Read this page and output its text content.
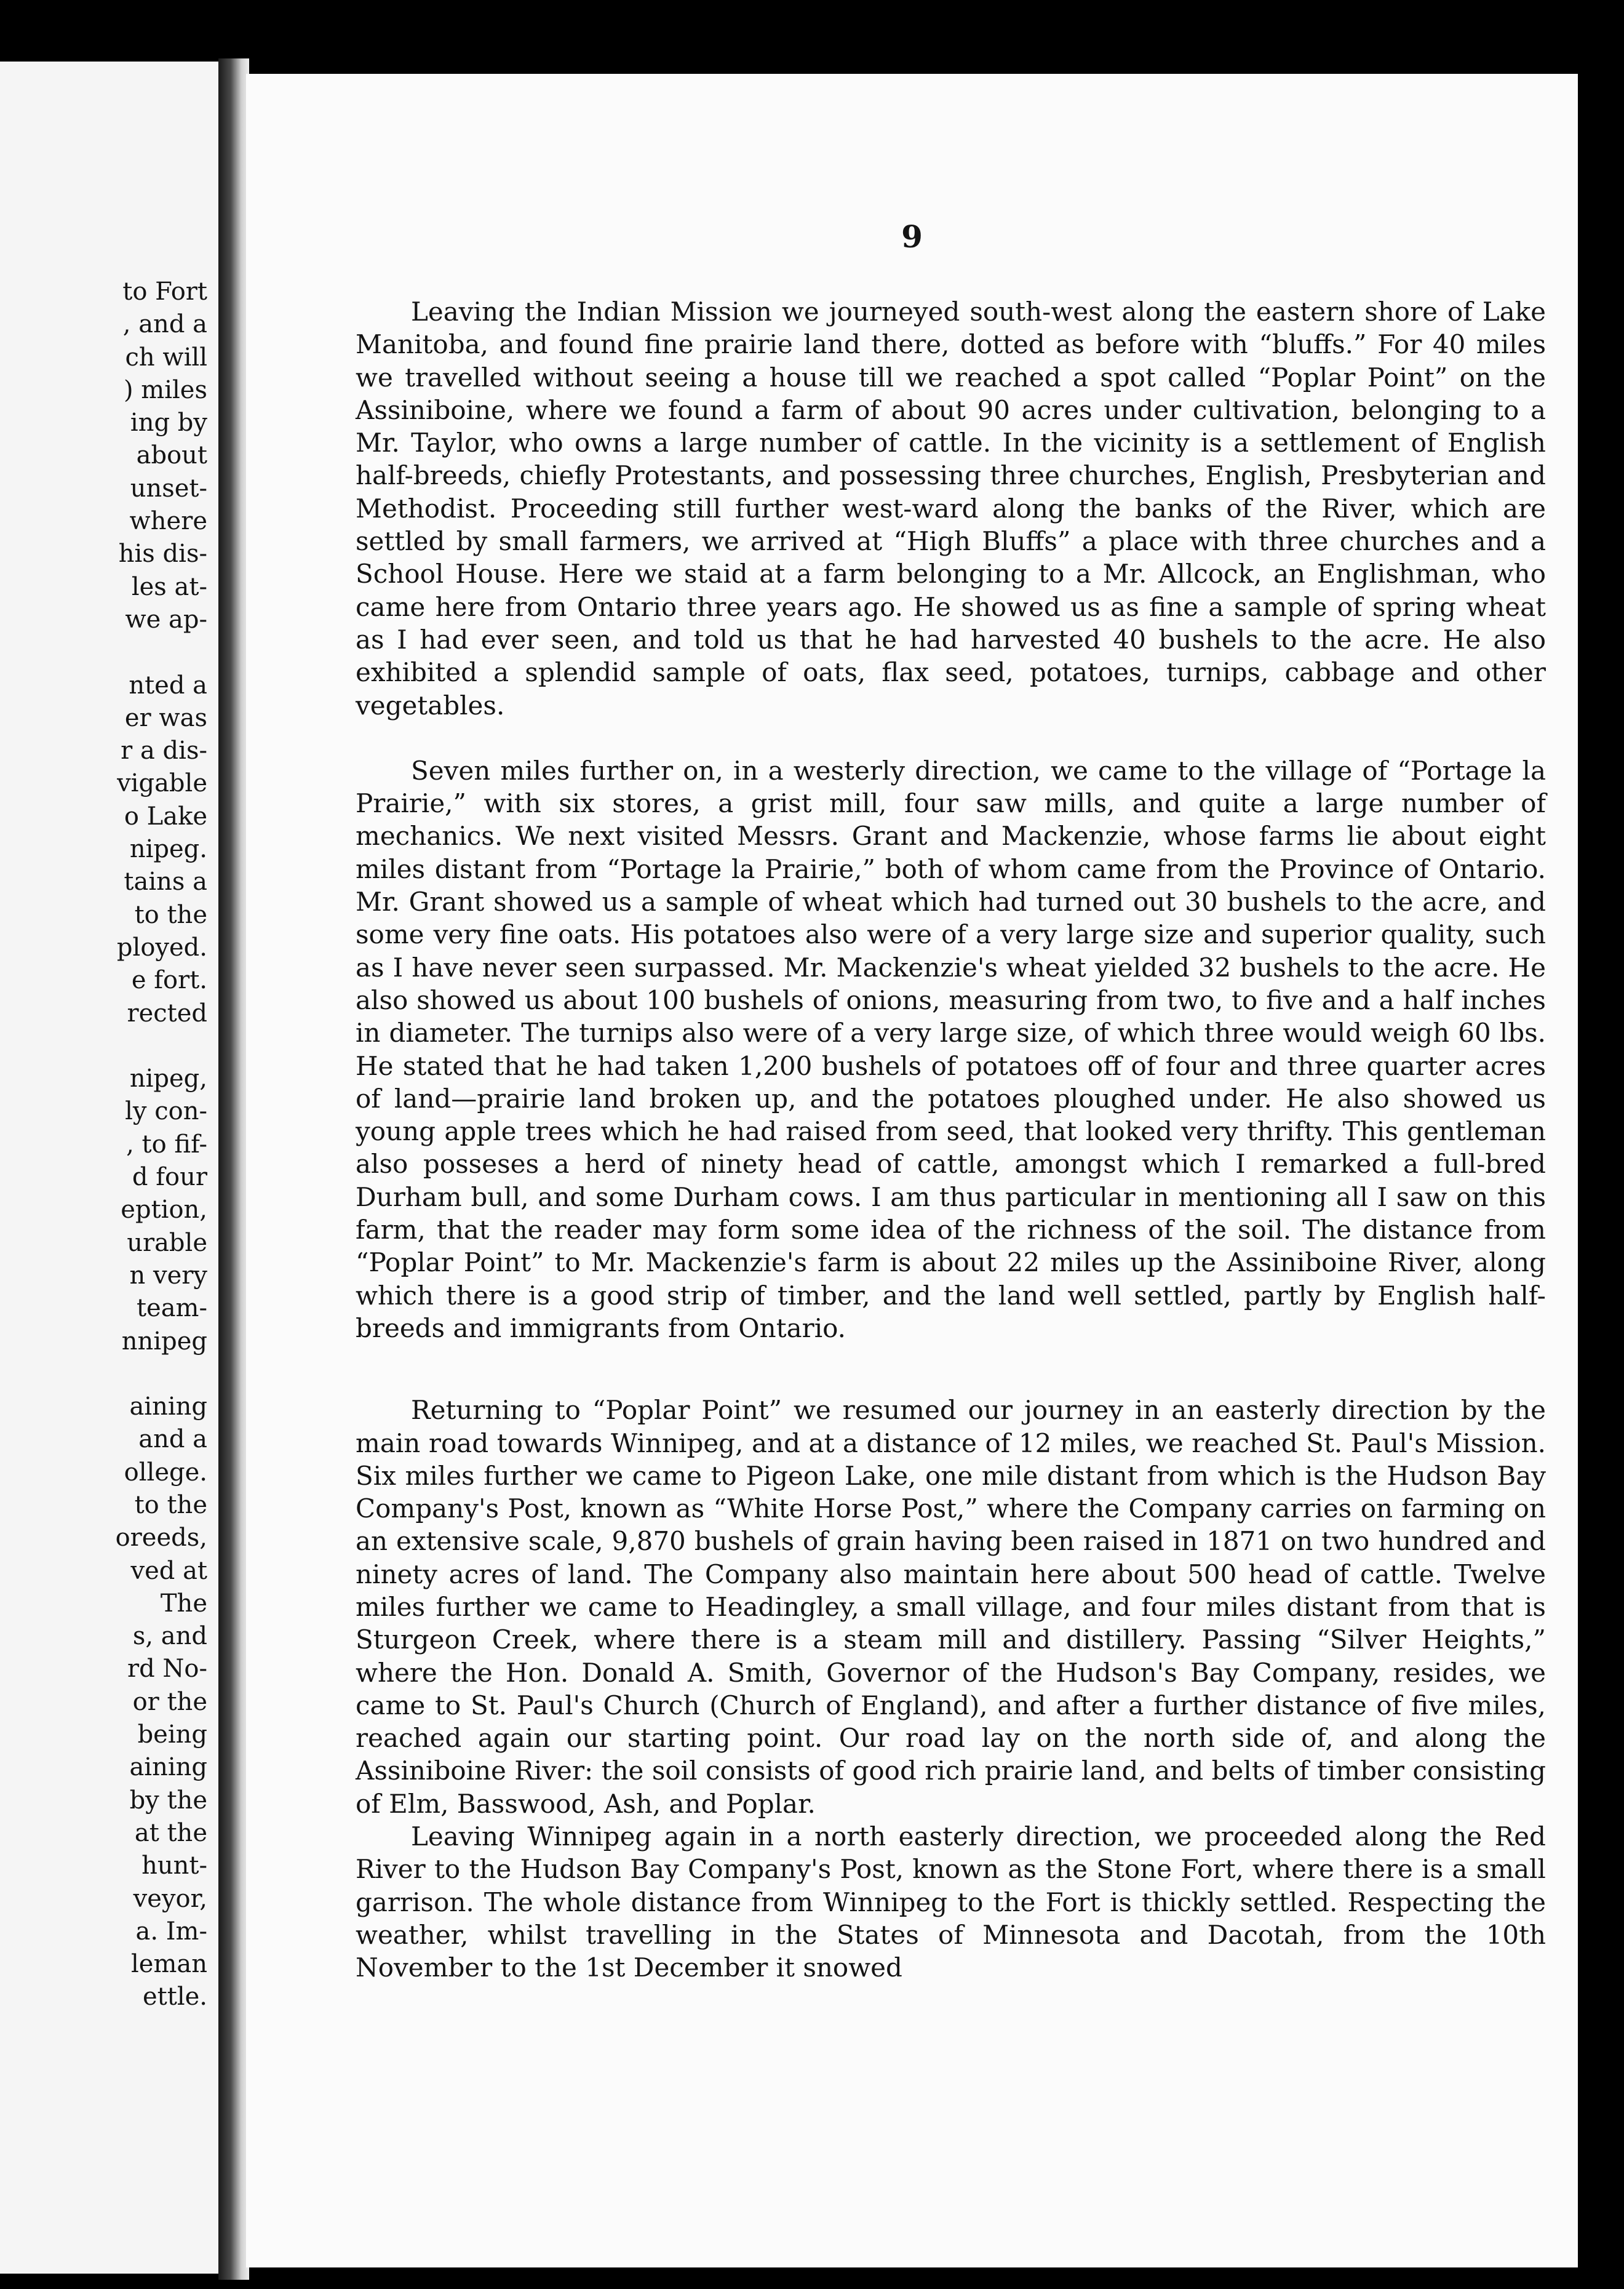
to Fort
, and a
ch will
) miles
ing by
about
unset-
where
his dis-
les at-
we ap-
nted a
er was
r a dis-
vigable
o Lake
nipeg.
tains a
to the
ployed.
e fort.
rected
nipeg,
ly con-
, to fif-
d four
eption,
urable
n very
team-
nnipeg
aining
and a
ollege.
to the
oreeds,
ved at
The
s, and
rd No-
or the
being
aining
by the
at the
hunt-
veyor,
a. Im-
leman
ettle.
9

Leaving the Indian Mission we journeyed south-west along the eastern shore of Lake Manitoba, and found fine prairie land there, dotted as before with “bluffs.” For 40 miles we travelled without seeing a house till we reached a spot called “Poplar Point” on the Assiniboine, where we found a farm of about 90 acres under cultivation, belonging to a Mr. Taylor, who owns a large number of cattle. In the vicinity is a settlement of English half-breeds, chiefly Protestants, and possessing three churches, English, Presbyterian and Methodist. Proceeding still further west-ward along the banks of the River, which are settled by small farmers, we arrived at “High Bluffs” a place with three churches and a School House. Here we staid at a farm belonging to a Mr. Allcock, an Englishman, who came here from Ontario three years ago. He showed us as fine a sample of spring wheat as I had ever seen, and told us that he had harvested 40 bushels to the acre. He also exhibited a splendid sample of oats, flax seed, potatoes, turnips, cabbage and other vegetables.

Seven miles further on, in a westerly direction, we came to the village of “Portage la Prairie,” with six stores, a grist mill, four saw mills, and quite a large number of mechanics. We next visited Messrs. Grant and Mackenzie, whose farms lie about eight miles distant from “Portage la Prairie,” both of whom came from the Province of Ontario. Mr. Grant showed us a sample of wheat which had turned out 30 bushels to the acre, and some very fine oats. His potatoes also were of a very large size and superior quality, such as I have never seen surpassed. Mr. Mackenzie's wheat yielded 32 bushels to the acre. He also showed us about 100 bushels of onions, measuring from two, to five and a half inches in diameter. The turnips also were of a very large size, of which three would weigh 60 lbs. He stated that he had taken 1,200 bushels of potatoes off of four and three quarter acres of land—prairie land broken up, and the potatoes ploughed under. He also showed us young apple trees which he had raised from seed, that looked very thrifty. This gentleman also posseses a herd of ninety head of cattle, amongst which I remarked a full-bred Durham bull, and some Durham cows. I am thus particular in mentioning all I saw on this farm, that the reader may form some idea of the richness of the soil. The distance from “Poplar Point” to Mr. Mackenzie's farm is about 22 miles up the Assiniboine River, along which there is a good strip of timber, and the land well settled, partly by English half-breeds and immigrants from Ontario.

Returning to “Poplar Point” we resumed our journey in an easterly direction by the main road towards Winnipeg, and at a distance of 12 miles, we reached St. Paul's Mission. Six miles further we came to Pigeon Lake, one mile distant from which is the Hudson Bay Company's Post, known as “White Horse Post,” where the Company carries on farming on an extensive scale, 9,870 bushels of grain having been raised in 1871 on two hundred and ninety acres of land. The Company also maintain here about 500 head of cattle. Twelve miles further we came to Headingley, a small village, and four miles distant from that is Sturgeon Creek, where there is a steam mill and distillery. Passing “Silver Heights,” where the Hon. Donald A. Smith, Governor of the Hudson's Bay Company, resides, we came to St. Paul's Church (Church of England), and after a further distance of five miles, reached again our starting point. Our road lay on the north side of, and along the Assiniboine River: the soil consists of good rich prairie land, and belts of timber consisting of Elm, Basswood, Ash, and Poplar.

Leaving Winnipeg again in a north easterly direction, we proceeded along the Red River to the Hudson Bay Company's Post, known as the Stone Fort, where there is a small garrison. The whole distance from Winnipeg to the Fort is thickly settled. Respecting the weather, whilst travelling in the States of Minnesota and Dacotah, from the 10th November to the 1st December it snowed
